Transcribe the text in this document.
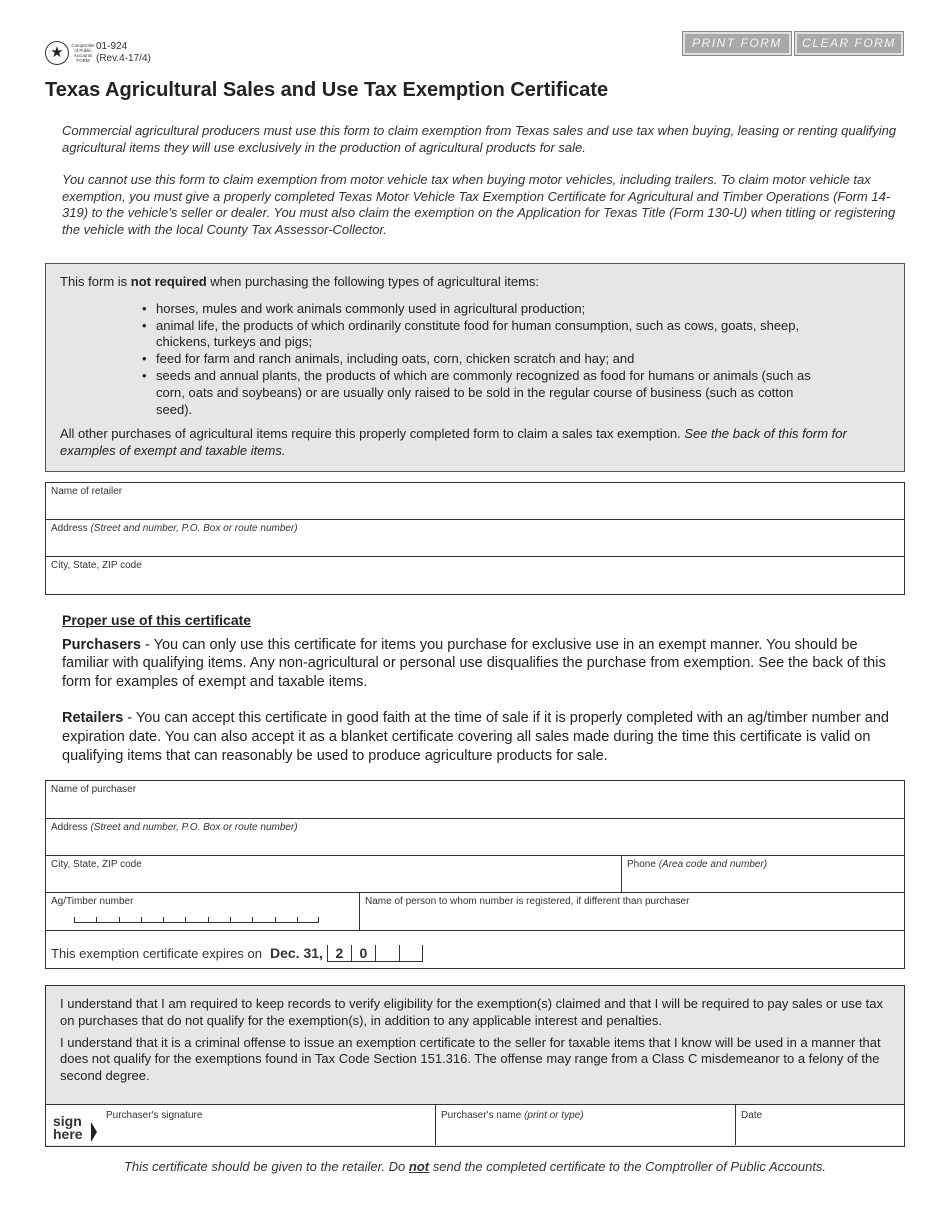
★	Comptroller of Public Accounts FORM
01-924
(Rev.4-17/4)
PRINT FORM	CLEAR FORM
Texas Agricultural Sales and Use Tax Exemption Certificate

Commercial agricultural producers must use this form to claim exemption from Texas sales and use tax when buying, leasing or renting qualifying agricultural items they will use exclusively in the production of agricultural products for sale.

You cannot use this form to claim exemption from motor vehicle tax when buying motor vehicles, including trailers. To claim motor vehicle tax exemption, you must give a properly completed Texas Motor Vehicle Tax Exemption Certificate for Agricultural and Timber Operations (Form 14-319) to the vehicle’s seller or dealer. You must also claim the exemption on the Application for Texas Title (Form 130-U) when titling or registering the vehicle with the local County Tax Assessor-Collector.

This form is not required when purchasing the following types of agricultural items:

• horses, mules and work animals commonly used in agricultural production;
• animal life, the products of which ordinarily constitute food for human consumption, such as cows, goats, sheep, chickens, turkeys and pigs;
• feed for farm and ranch animals, including oats, corn, chicken scratch and hay; and
• seeds and annual plants, the products of which are commonly recognized as food for humans or animals (such as corn, oats and soybeans) or are usually only raised to be sold in the regular course of business (such as cotton seed).

All other purchases of agricultural items require this properly completed form to claim a sales tax exemption. See the back of this form for examples of exempt and taxable items.

Name of retailer
Address (Street and number, P.O. Box or route number)
City, State, ZIP code

Proper use of this certificate

Purchasers - You can only use this certificate for items you purchase for exclusive use in an exempt manner. You should be familiar with qualifying items. Any non-agricultural or personal use disqualifies the purchase from exemption. See the back of this form for examples of exempt and taxable items.

Retailers - You can accept this certificate in good faith at the time of sale if it is properly completed with an ag/timber number and expiration date. You can also accept it as a blanket certificate covering all sales made during the time this certificate is valid on qualifying items that can reasonably be used to produce agriculture products for sale.

Name of purchaser
Address (Street and number, P.O. Box or route number)
City, State, ZIP code	Phone (Area code and number)
Ag/Timber number	Name of person to whom number is registered, if different than purchaser
This exemption certificate expires on Dec. 31, 2	0

I understand that I am required to keep records to verify eligibility for the exemption(s) claimed and that I will be required to pay sales or use tax on purchases that do not qualify for the exemption(s), in addition to any applicable interest and penalties.

I understand that it is a criminal offense to issue an exemption certificate to the seller for taxable items that I know will be used in a manner that does not qualify for the exemptions found in Tax Code Section 151.316. The offense may range from a Class C misdemeanor to a felony of the second degree.

sign
here
Purchaser's signature	Purchaser's name (print or type)	Date

This certificate should be given to the retailer. Do not send the completed certificate to the Comptroller of Public Accounts.
